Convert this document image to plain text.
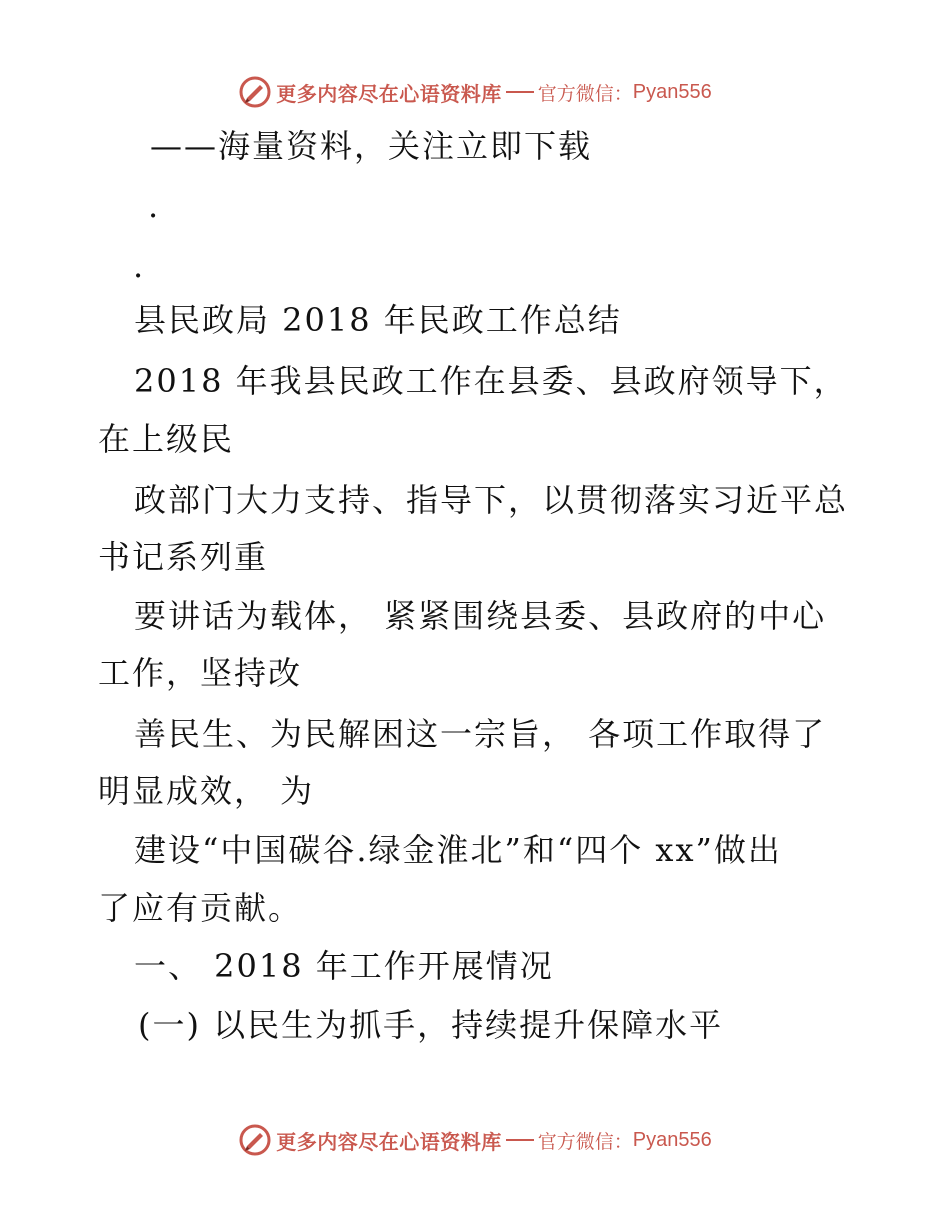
更多内容尽在心语资料库 官方微信： Pyan556
——海量资料，关注立即下载
.
.
县民政局 2018 年民政工作总结
2018 年我县民政工作在县委、县政府领导下，
在上级民
政部门大力支持、指导下，以贯彻落实习近平总
书记系列重
要讲话为载体， 紧紧围绕县委、县政府的中心
工作，坚持改
善民生、为民解困这一宗旨， 各项工作取得了
明显成效， 为
建设“中国碳谷.绿金淮北”和“四个 xx”做出
了应有贡献。
一、 2018 年工作开展情况
(一) 以民生为抓手，持续提升保障水平
更多内容尽在心语资料库 官方微信： Pyan556
